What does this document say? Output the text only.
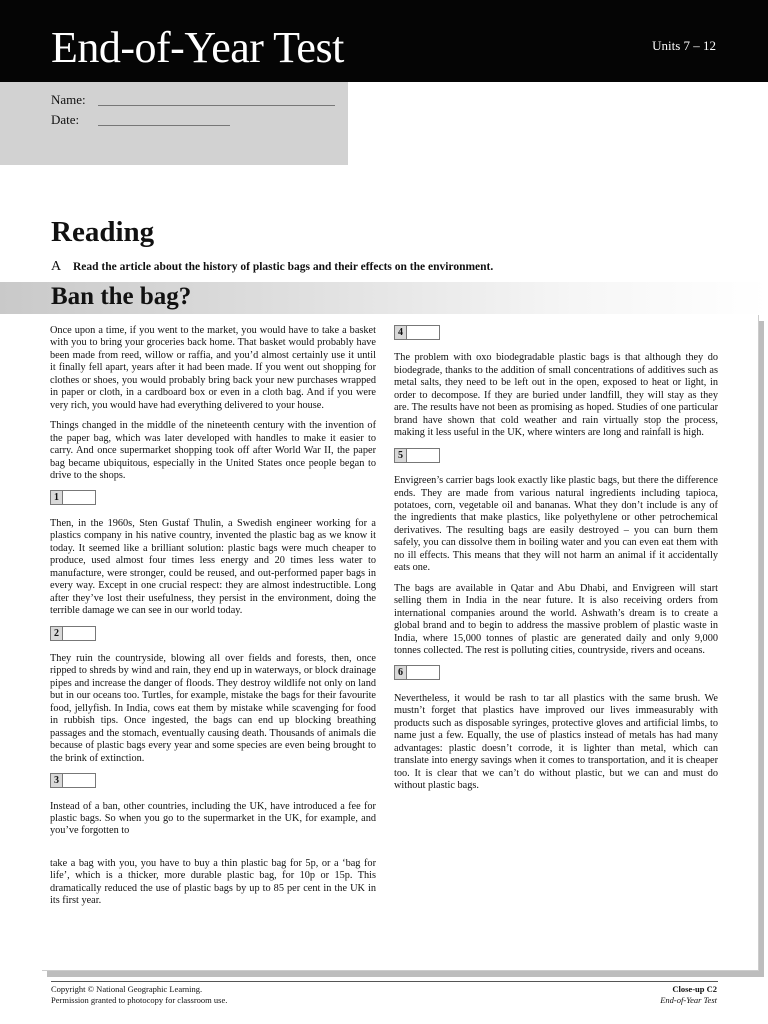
End-of-Year Test	Units 7 – 12
Name:
Date:
Reading
A Read the article about the history of plastic bags and their effects on the environment.
Ban the bag?

Once upon a time, if you went to the market, you would have to take a basket with you to bring your groceries back home. That basket would probably have been made from reed, willow or raffia, and you’d almost certainly use it until it finally fell apart, years after it had been made. If you went out shopping for clothes or shoes, you would probably bring back your new purchases wrapped in paper or cloth, in a cardboard box or even in a cloth bag. And if you were very rich, you would have had everything delivered to your house.

Things changed in the middle of the nineteenth century with the invention of the paper bag, which was later developed with handles to make it easier to carry. And once supermarket shopping took off after World War II, the paper bag became ubiquitous, especially in the United States once people began to drive to the shops.

1

Then, in the 1960s, Sten Gustaf Thulin, a Swedish engineer working for a plastics company in his native country, invented the plastic bag as we know it today. It seemed like a brilliant solution: plastic bags were much cheaper to produce, used almost four times less energy and 20 times less water to manufacture, were stronger, could be reused, and out-performed paper bags in every way. Except in one crucial respect: they are almost indestructible. Long after they’ve lost their usefulness, they persist in the environment, doing the terrible damage we can see in our world today.

2

They ruin the countryside, blowing all over fields and forests, then, once ripped to shreds by wind and rain, they end up in waterways, or block drainage pipes and increase the danger of floods. They destroy wildlife not only on land but in our oceans too. Turtles, for example, mistake the bags for their favourite food, jellyfish. In India, cows eat them by mistake while scavenging for food in rubbish tips. Once ingested, the bags can end up blocking breathing passages and the stomach, eventually causing death. Thousands of animals die because of plastic bags every year and some species are even being brought to the brink of extinction.

3

Instead of a ban, other countries, including the UK, have introduced a fee for plastic bags. So when you go to the supermarket in the UK, for example, and you’ve forgotten to

take a bag with you, you have to buy a thin plastic bag for 5p, or a ‘bag for life’, which is a thicker, more durable plastic bag, for 10p or 15p. This dramatically reduced the use of plastic bags by up to 85 per cent in the UK in its first year.

4

The problem with oxo biodegradable plastic bags is that although they do biodegrade, thanks to the addition of small concentrations of additives such as metal salts, they need to be left out in the open, exposed to heat or light, in order to decompose. If they are buried under landfill, they will stay as they are. The results have not been as promising as hoped. Studies of one particular brand have shown that cold weather and rain virtually stop the process, making it less useful in the UK, where winters are long and rainfall is high.

5

Envigreen’s carrier bags look exactly like plastic bags, but there the difference ends. They are made from various natural ingredients including tapioca, potatoes, corn, vegetable oil and bananas. What they don’t include is any of the ingredients that make plastics, like polyethylene or other petrochemical derivatives. The resulting bags are easily destroyed – you can burn them safely, you can dissolve them in boiling water and you can even eat them with no ill effects. This means that they will not harm an animal if it accidentally eats one.

The bags are available in Qatar and Abu Dhabi, and Envigreen will start selling them in India in the near future. It is also receiving orders from international companies around the world. Ashwath’s dream is to create a global brand and to begin to address the massive problem of plastic waste in India, where 15,000 tonnes of plastic are generated daily and only 9,000 tonnes collected. The rest is polluting cities, countryside, rivers and oceans.

6

Nevertheless, it would be rash to tar all plastics with the same brush. We mustn’t forget that plastics have improved our lives immeasurably with products such as disposable syringes, protective gloves and artificial limbs, to name just a few. Equally, the use of plastics instead of metals has had many advantages: plastic doesn’t corrode, it is lighter than metal, which can translate into energy savings when it comes to transportation, and it is cheaper too. It is clear that we can’t do without plastic, but we can and must do without plastic bags.

Copyright © National Geographic Learning.
Permission granted to photocopy for classroom use.
Close-up C2
End-of-Year Test
